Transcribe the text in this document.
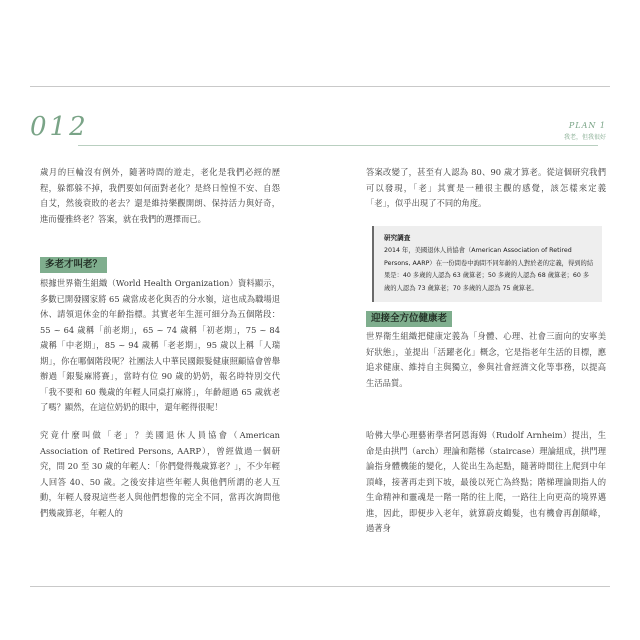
012	PLAN 1
我老，但我很好

歲月的巨輪沒有例外，隨著時間的遊走，老化是我們必經的歷程，躲都躲不掉，我們要如何面對老化？是終日惶惶不安、自怨自艾，然後衰敗的老去？還是維持樂觀開朗、保持活力與好奇，進而優雅終老？答案，就在我們的選擇而已。

多老才叫老？

根據世界衛生組織（World Health Organization）資料顯示，多數已開發國家將 65 歲當成老化與否的分水嶺，這也成為職場退休、請領退休金的年齡指標。其實老年生涯可細分為五個階段：55 ~ 64 歲稱「前老期」，65 ~ 74 歲稱「初老期」，75 ~ 84 歲稱「中老期」，85 ~ 94 歲稱「老老期」，95 歲以上稱「人瑞期」，你在哪個階段呢？社團法人中華民國銀髮健康照顧協會曾舉辦過「銀髮麻將賽」，當時有位 90 歲的奶奶，報名時特別交代「我不要和 60 幾歲的年輕人同桌打麻將」，年齡超過 65 歲就老了嗎？顯然，在這位奶奶的眼中，還年輕得很呢！

究竟什麼叫做「老」？美國退休人員協會（American Association of Retired Persons, AARP），曾經做過一個研究，問 20 至 30 歲的年輕人：「你們覺得幾歲算老？」，不少年輕人回答 40、50 歲。之後安排這些年輕人與他們所謂的老人互動，年輕人發現這些老人與他們想像的完全不同，當再次詢問他們幾歲算老，年輕人的

答案改變了，甚至有人認為 80、90 歲才算老。從這個研究我們可以發現，「老」其實是一種很主觀的感覺，該怎樣來定義「老」，似乎出現了不同的角度。

研究調查
2014 年，美國退休人員協會（American Association of Retired Persons, AARP）在一份問卷中詢問不同年齡的人對於老的定義，得到的結果是：40 多歲的人認為 63 歲算老；50 多歲的人認為 68 歲算老；60 多歲的人認為 73 歲算老；70 多歲的人認為 75 歲算老。
迎接全方位健康老

世界衛生組織把健康定義為「身體、心理、社會三面向的安寧美好狀態」，並提出「活躍老化」概念，它是指老年生活的目標，應追求健康、維持自主與獨立，參與社會經濟文化等事務，以提高生活品質。

哈佛大學心理藝術學者阿恩海姆（Rudolf Arnheim）提出，生命是由拱門（arch）理論和階梯（staircase）理論組成，拱門理論指身體機能的變化，人從出生為起點，隨著時間往上爬到中年頂峰，接著再走到下坡，最後以死亡為終點；階梯理論則指人的生命精神和靈魂是一階一階的往上爬，一路往上向更高的境界邁進，因此，即便步入老年，就算蔚皮鶴髮，也有機會再創顛峰，過著身
